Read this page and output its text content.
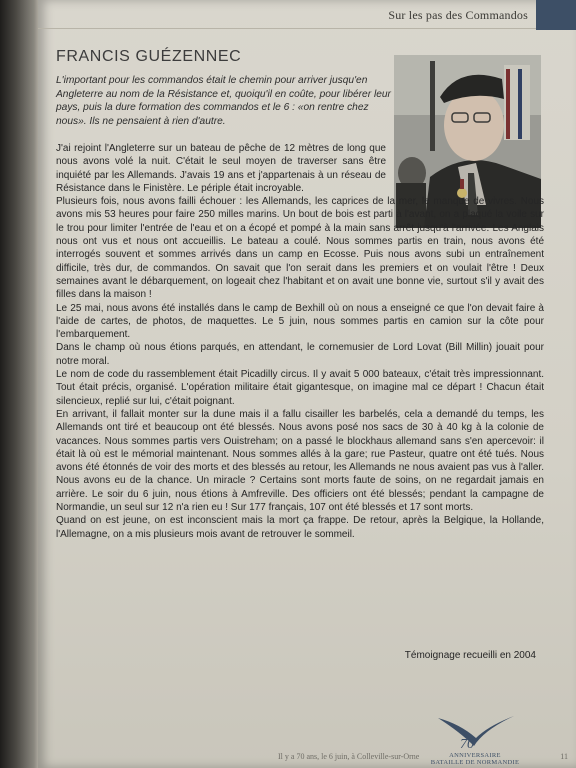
Sur les pas des Commandos
FRANCIS GUÉZENNEC
L'important pour les commandos était le chemin pour arriver jusqu'en Angleterre au nom de la Résistance et, quoiqu'il en coûte, pour libérer leur pays, puis la dure formation des commandos et le 6 : «on rentre chez nous». Ils ne pensaient à rien d'autre.

J'ai rejoint l'Angleterre sur un bateau de pêche de 12 mètres de long que nous avons volé la nuit. C'était le seul moyen de traverser sans être inquiété par les Allemands. J'avais 19 ans et j'appartenais à un réseau de Résistance dans le Finistère. Le périple était incroyable.

Plusieurs fois, nous avons failli échouer : les Allemands, les caprices de la mer, le manque de vivres. Nous avons mis 53 heures pour faire 250 milles marins. Un bout de bois est parti à l'avant, on a plaqué la voile sur le trou pour limiter l'entrée de l'eau et on a écopé et pompé à la main sans arrêt jusqu'à l'arrivée. Les Anglais nous ont vus et nous ont accueillis. Le bateau a coulé. Nous sommes partis en train, nous avons été interrogés souvent et sommes arrivés dans un camp en Ecosse. Puis nous avons subi un entraînement difficile, très dur, de commandos. On savait que l'on serait dans les premiers et on voulait l'être ! Deux semaines avant le débarquement, on logeait chez l'habitant et on avait une bonne vie, surtout s'il y avait des filles dans la maison !

Le 25 mai, nous avons été installés dans le camp de Bexhill où on nous a enseigné ce que l'on devait faire à l'aide de cartes, de photos, de maquettes. Le 5 juin, nous sommes partis en camion sur la côte pour l'embarquement.

Dans le champ où nous étions parqués, en attendant, le cornemusier de Lord Lovat (Bill Millin) jouait pour notre moral.

Le nom de code du rassemblement était Picadilly circus. Il y avait 5 000 bateaux, c'était très impressionnant. Tout était précis, organisé. L'opération militaire était gigantesque, on imagine mal ce départ ! Chacun était silencieux, replié sur lui, c'était poignant.

En arrivant, il fallait monter sur la dune mais il a fallu cisailler les barbelés, cela a demandé du temps, les Allemands ont tiré et beaucoup ont été blessés. Nous avons posé nos sacs de 30 à 40 kg à la colonie de vacances. Nous sommes partis vers Ouistreham; on a passé le blockhaus allemand sans s'en apercevoir: il était là où est le mémorial maintenant. Nous sommes allés à la gare; rue Pasteur, quatre ont été tués. Nous avons été étonnés de voir des morts et des blessés au retour, les Allemands ne nous avaient pas vus à l'aller. Nous avons eu de la chance. Un miracle ? Certains sont morts faute de soins, on ne regardait jamais en arrière. Le soir du 6 juin, nous étions à Amfreville. Des officiers ont été blessés; pendant la campagne de Normandie, un seul sur 12 n'a rien eu ! Sur 177 français, 107 ont été blessés et 17 sont morts.

Quand on est jeune, on est inconscient mais la mort ça frappe. De retour, après la Belgique, la Hollande, l'Allemagne, on a mis plusieurs mois avant de retrouver le sommeil.

Témoignage recueilli en 2004
Il y a 70 ans, le 6 juin, à Colleville-sur-Orne
70
ANNIVERSAIRE
BATAILLE DE NORMANDIE
11
